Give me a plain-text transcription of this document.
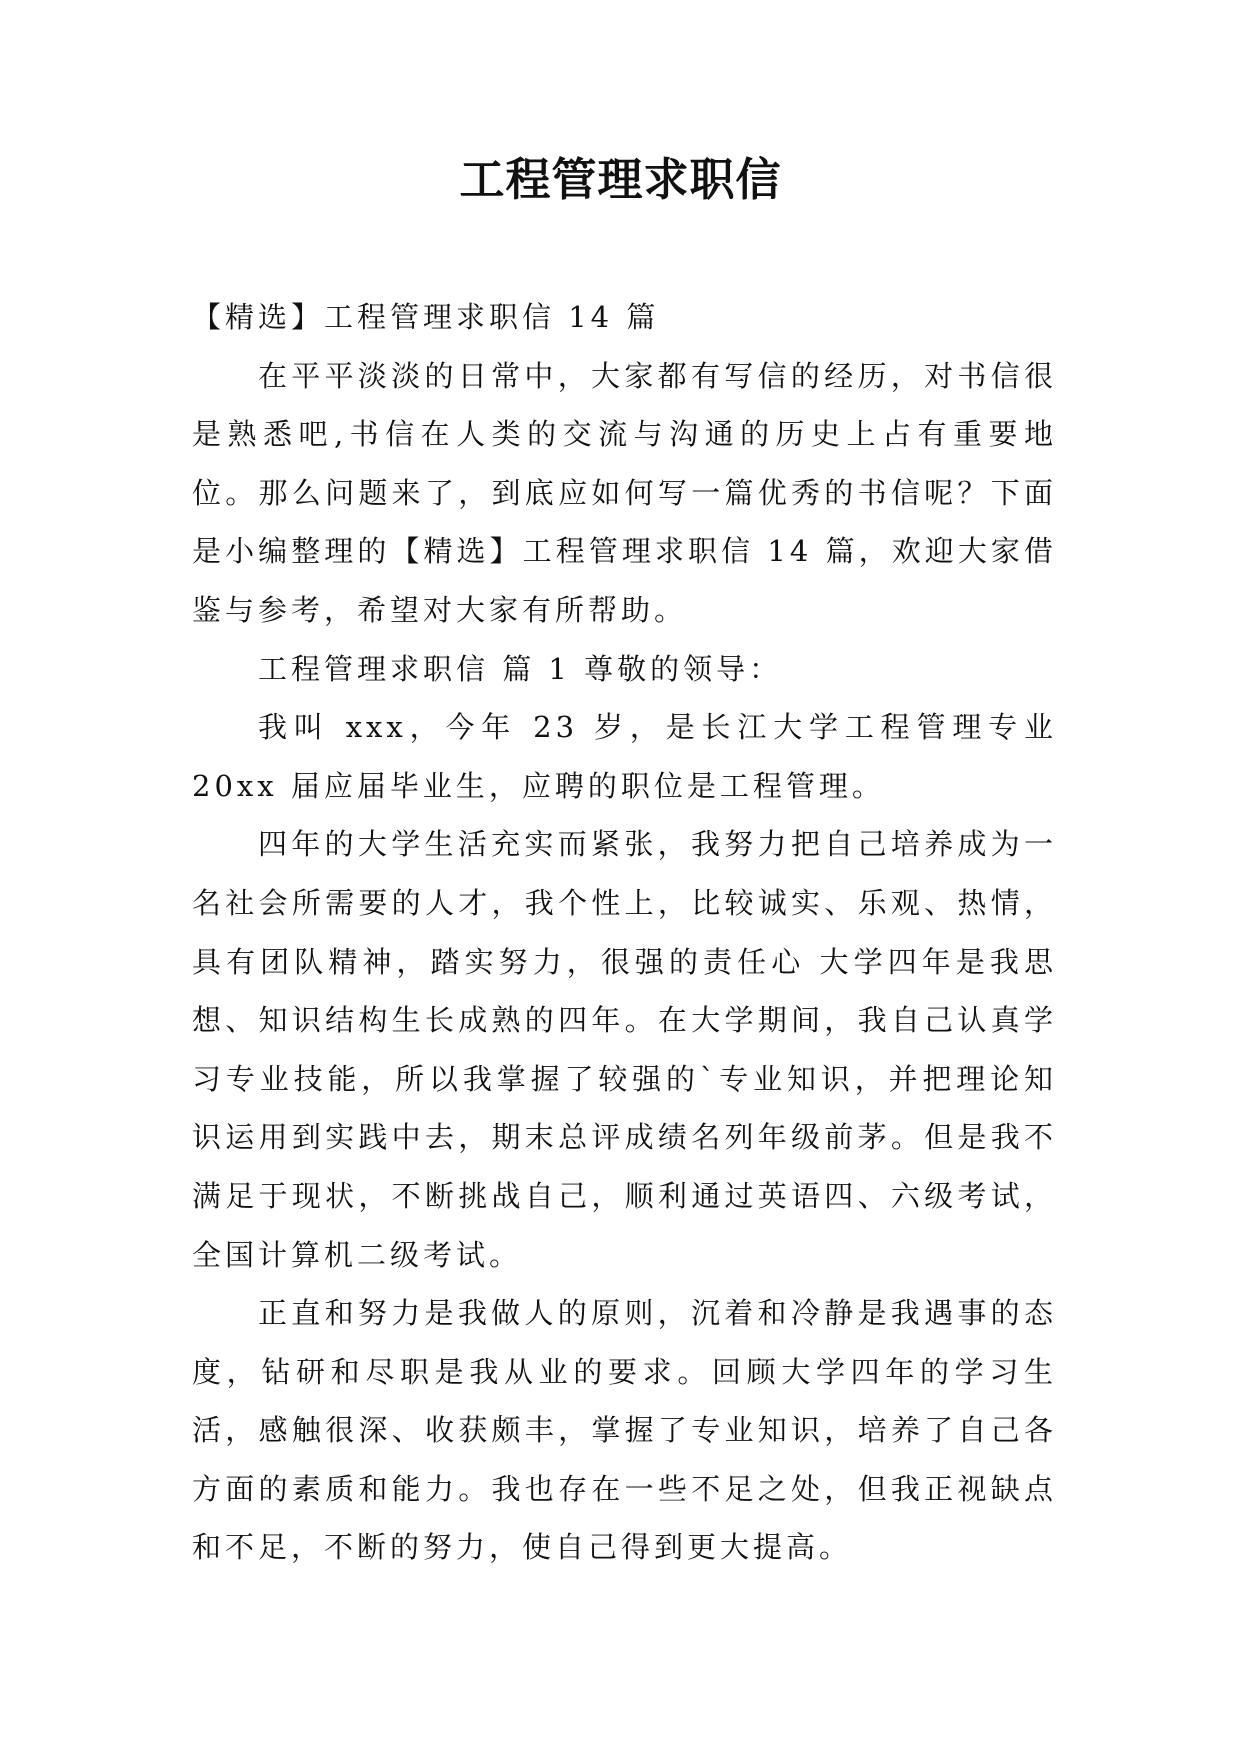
工程管理求职信

【精选】工程管理求职信 14 篇

在平平淡淡的日常中，大家都有写信的经历，对书信很是熟悉吧,书信在人类的交流与沟通的历史上占有重要地位。那么问题来了，到底应如何写一篇优秀的书信呢？下面是小编整理的【精选】工程管理求职信 14 篇，欢迎大家借鉴与参考，希望对大家有所帮助。

工程管理求职信 篇 1 尊敬的领导：

我叫 xxx，今年 23 岁，是长江大学工程管理专业 20xx 届应届毕业生，应聘的职位是工程管理。

四年的大学生活充实而紧张，我努力把自己培养成为一名社会所需要的人才，我个性上，比较诚实、乐观、热情，具有团队精神，踏实努力，很强的责任心 大学四年是我思想、知识结构生长成熟的四年。在大学期间，我自己认真学习专业技能，所以我掌握了较强的`专业知识，并把理论知识运用到实践中去，期末总评成绩名列年级前茅。但是我不满足于现状，不断挑战自己，顺利通过英语四、六级考试，全国计算机二级考试。

正直和努力是我做人的原则，沉着和冷静是我遇事的态度，钻研和尽职是我从业的要求。回顾大学四年的学习生活，感触很深、收获颇丰，掌握了专业知识，培养了自己各方面的素质和能力。我也存在一些不足之处，但我正视缺点和不足，不断的努力，使自己得到更大提高。
